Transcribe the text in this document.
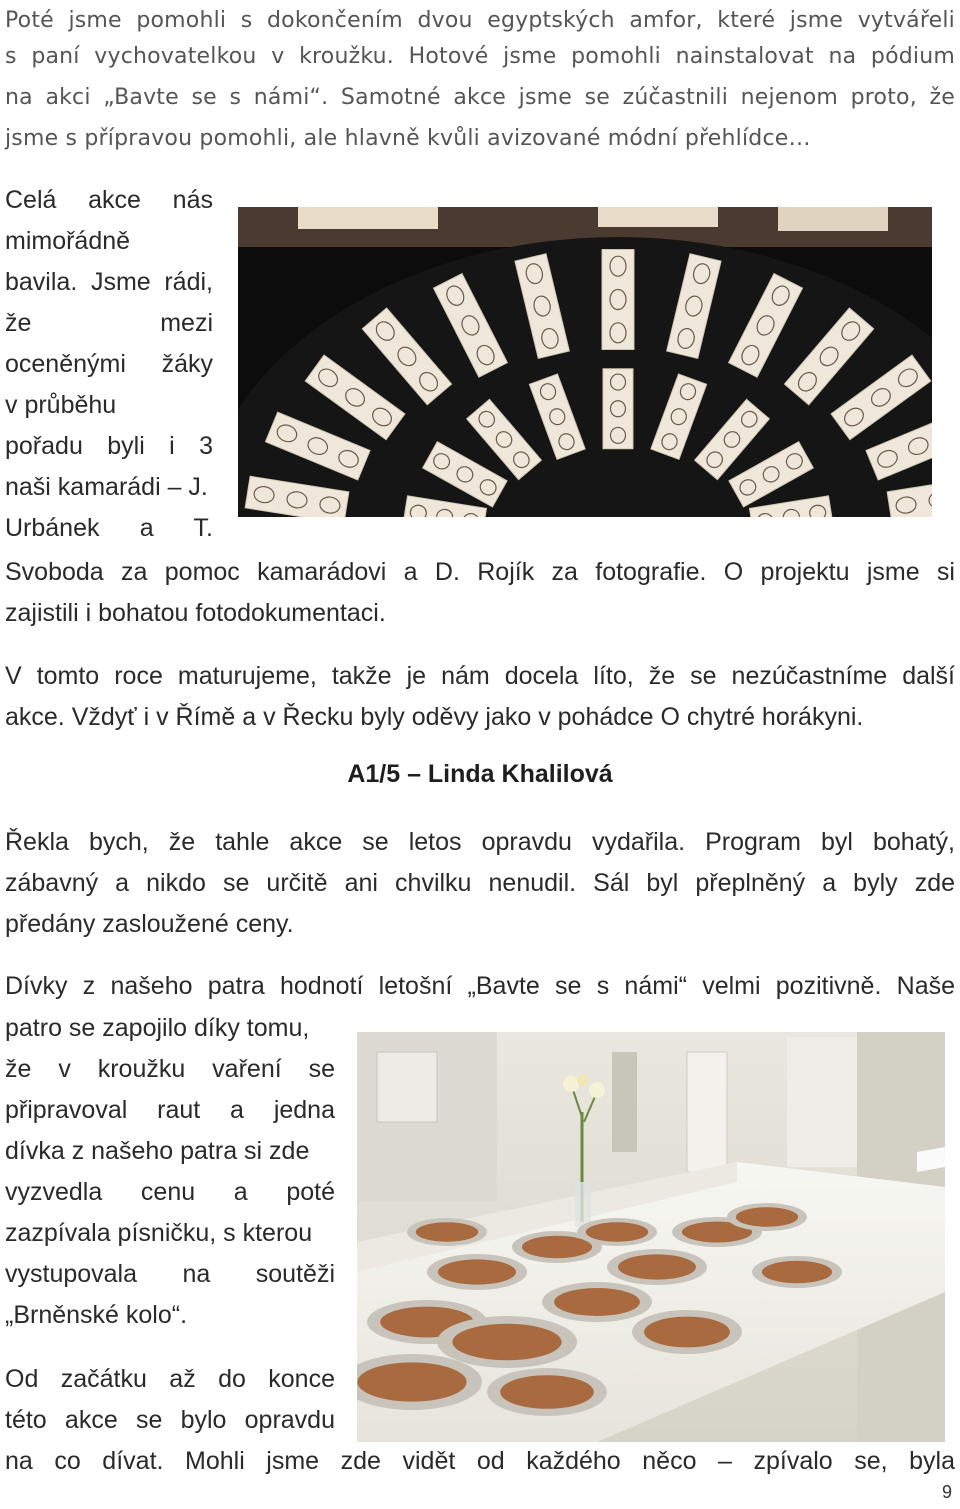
Poté jsme pomohli s dokončením dvou egyptských amfor, které jsme vytvářeli
s paní vychovatelkou v kroužku. Hotové jsme pomohli nainstalovat na pódium
na akci „Bavte se s námi“. Samotné akce jsme se zúčastnili nejenom proto, že
jsme s přípravou pomohli, ale hlavně kvůli avizované módní přehlídce…
Celá akce nás
mimořádně
bavila. Jsme rádi,
že mezi
oceněnými žáky
v průběhu
pořadu byli i 3
naši kamarádi – J.
Urbánek a T.
Svoboda za pomoc kamarádovi a D. Rojík za fotografie. O projektu jsme si
zajistili i bohatou fotodokumentaci.
V tomto roce maturujeme, takže je nám docela líto, že se nezúčastníme další
akce. Vždyť i v Římě a v Řecku byly oděvy jako v pohádce O chytré horákyni.
A1/5 – Linda Khalilová
Řekla bych, že tahle akce se letos opravdu vydařila. Program byl bohatý,
zábavný a nikdo se určitě ani chvilku nenudil. Sál byl přeplněný a byly zde
předány zasloužené ceny.
Dívky z našeho patra hodnotí letošní „Bavte se s námi“ velmi pozitivně. Naše
patro se zapojilo díky tomu,
že v kroužku vaření se
připravoval raut a jedna
dívka z našeho patra si zde
vyzvedla cenu a poté
zazpívala písničku, s kterou
vystupovala na soutěži
„Brněnské kolo“.
Od začátku až do konce
této akce se bylo opravdu
na co dívat. Mohli jsme zde vidět od každého něco – zpívalo se, byla
9
